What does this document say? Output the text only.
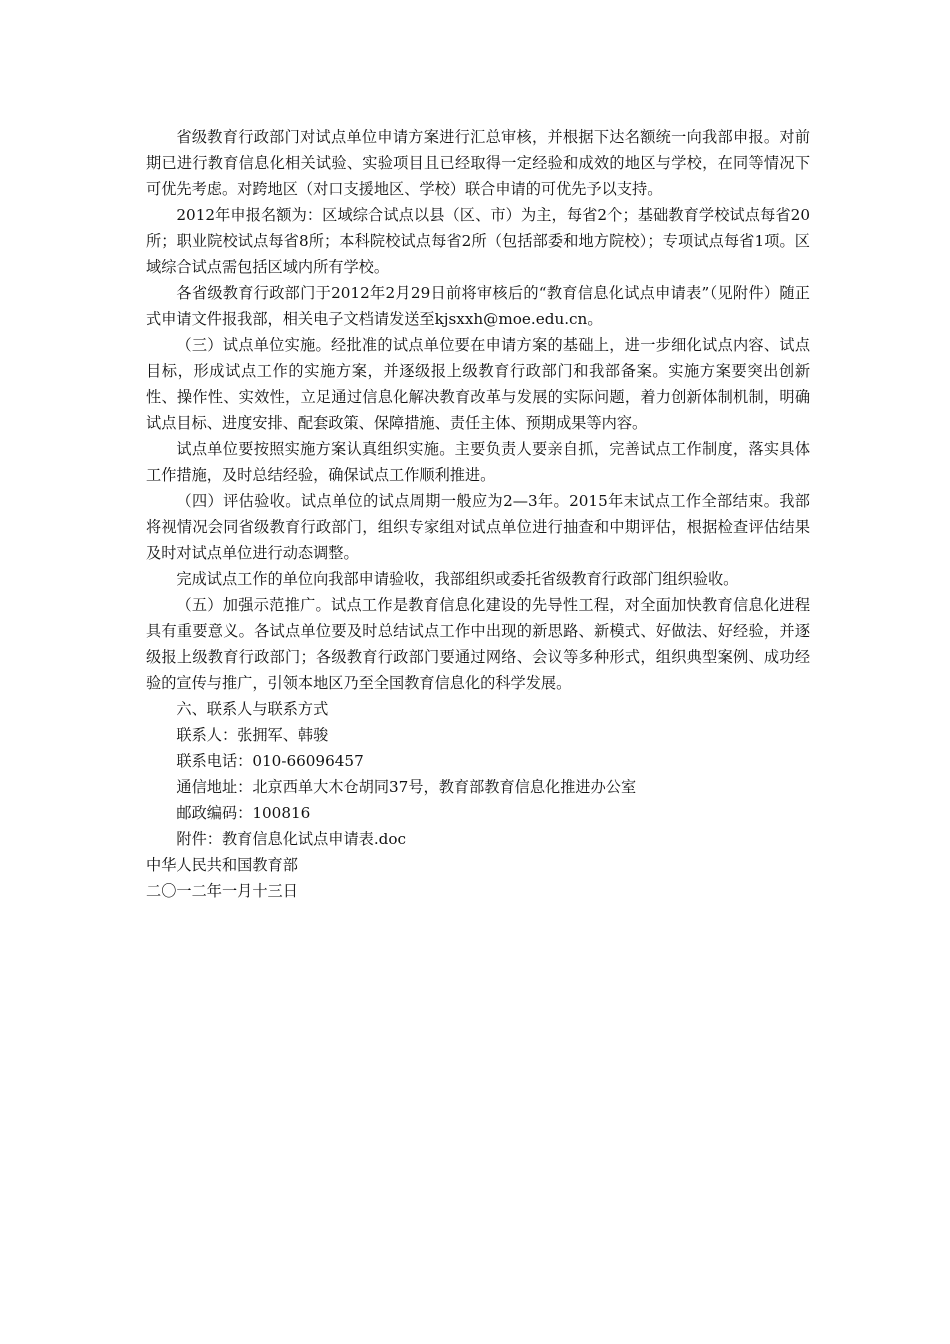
省级教育行政部门对试点单位申请方案进行汇总审核，并根据下达名额统一向我部申报。对前期已进行教育信息化相关试验、实验项目且已经取得一定经验和成效的地区与学校，在同等情况下可优先考虑。对跨地区（对口支援地区、学校）联合申请的可优先予以支持。

2012年申报名额为：区域综合试点以县（区、市）为主，每省2个；基础教育学校试点每省20所；职业院校试点每省8所；本科院校试点每省2所（包括部委和地方院校）；专项试点每省1项。区域综合试点需包括区域内所有学校。

各省级教育行政部门于2012年2月29日前将审核后的“教育信息化试点申请表”（见附件）随正式申请文件报我部，相关电子文档请发送至kjsxxh@moe.edu.cn。

（三）试点单位实施。经批准的试点单位要在申请方案的基础上，进一步细化试点内容、试点目标，形成试点工作的实施方案，并逐级报上级教育行政部门和我部备案。实施方案要突出创新性、操作性、实效性，立足通过信息化解决教育改革与发展的实际问题，着力创新体制机制，明确试点目标、进度安排、配套政策、保障措施、责任主体、预期成果等内容。

试点单位要按照实施方案认真组织实施。主要负责人要亲自抓，完善试点工作制度，落实具体工作措施，及时总结经验，确保试点工作顺利推进。

（四）评估验收。试点单位的试点周期一般应为2—3年。2015年末试点工作全部结束。我部将视情况会同省级教育行政部门，组织专家组对试点单位进行抽查和中期评估，根据检查评估结果及时对试点单位进行动态调整。

完成试点工作的单位向我部申请验收，我部组织或委托省级教育行政部门组织验收。

（五）加强示范推广。试点工作是教育信息化建设的先导性工程，对全面加快教育信息化进程具有重要意义。各试点单位要及时总结试点工作中出现的新思路、新模式、好做法、好经验，并逐级报上级教育行政部门；各级教育行政部门要通过网络、会议等多种形式，组织典型案例、成功经验的宣传与推广，引领本地区乃至全国教育信息化的科学发展。

六、联系人与联系方式

联系人：张拥军、韩骏

联系电话：010-66096457

通信地址：北京西单大木仓胡同37号，教育部教育信息化推进办公室

邮政编码：100816

附件：教育信息化试点申请表.doc

中华人民共和国教育部

二〇一二年一月十三日
